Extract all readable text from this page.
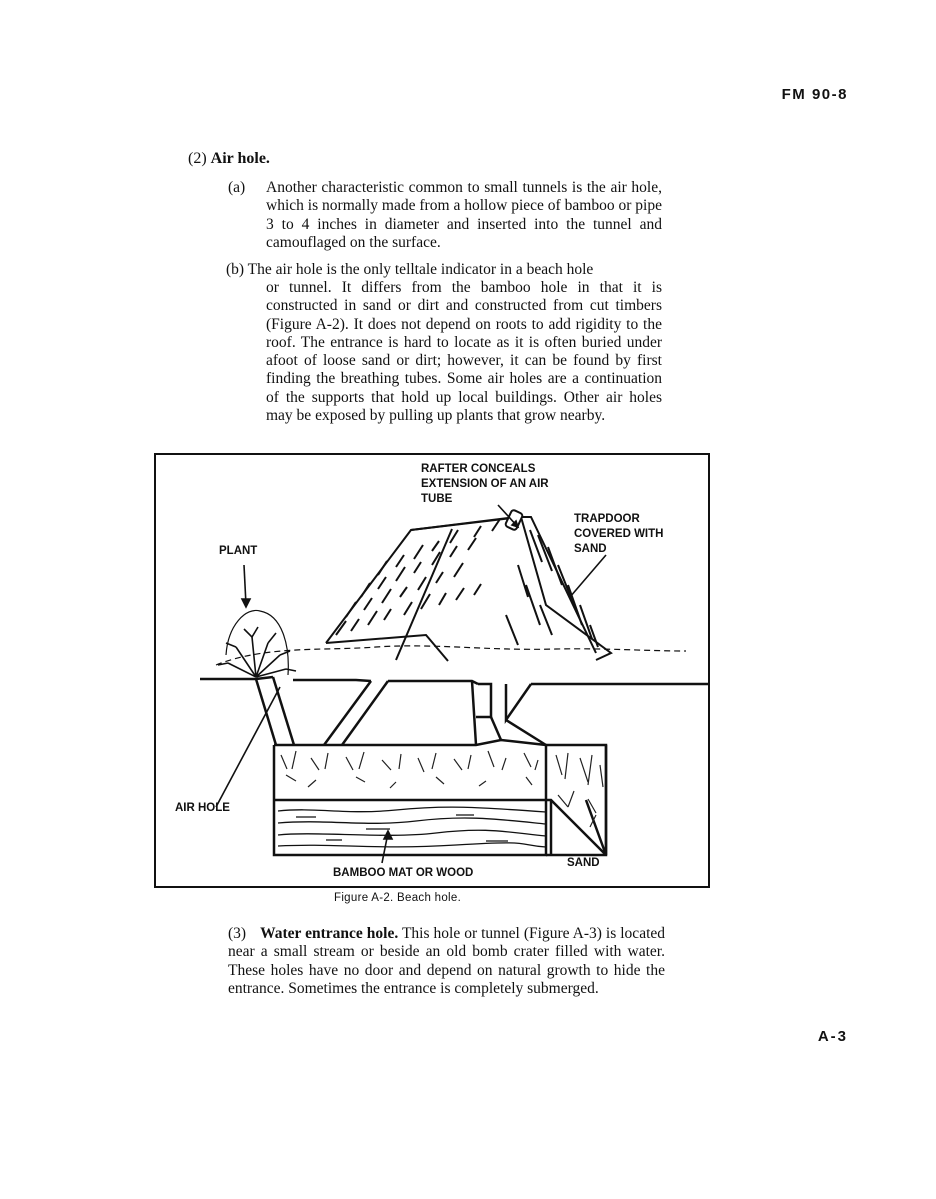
FM 90-8
(2) Air hole.
(a) Another characteristic common to small tunnels is the air hole, which is normally made from a hollow piece of bamboo or pipe 3 to 4 inches in diameter and inserted into the tunnel and camouflaged on the surface.
(b) The air hole is the only telltale indicator in a beach hole
or tunnel. It differs from the bamboo hole in that it is constructed in sand or dirt and constructed from cut timbers (Figure A-2). It does not depend on roots to add rigidity to the roof. The entrance is hard to locate as it is often buried under afoot of loose sand or dirt; however, it can be found by first finding the breathing tubes. Some air holes are a continuation of the supports that hold up local buildings. Other air holes may be exposed by pulling up plants that grow nearby.
RAFTER CONCEALS
EXTENSION OF AN AIR
TUBE
TRAPDOOR
COVERED WITH
SAND
PLANT
AIR HOLE
SAND
BAMBOO MAT OR WOOD
Figure A-2. Beach hole.
(3) Water entrance hole. This hole or tunnel (Figure A-3) is located near a small stream or beside an old bomb crater filled with water. These holes have no door and depend on natural growth to hide the entrance. Sometimes the entrance is completely submerged.
A-3
